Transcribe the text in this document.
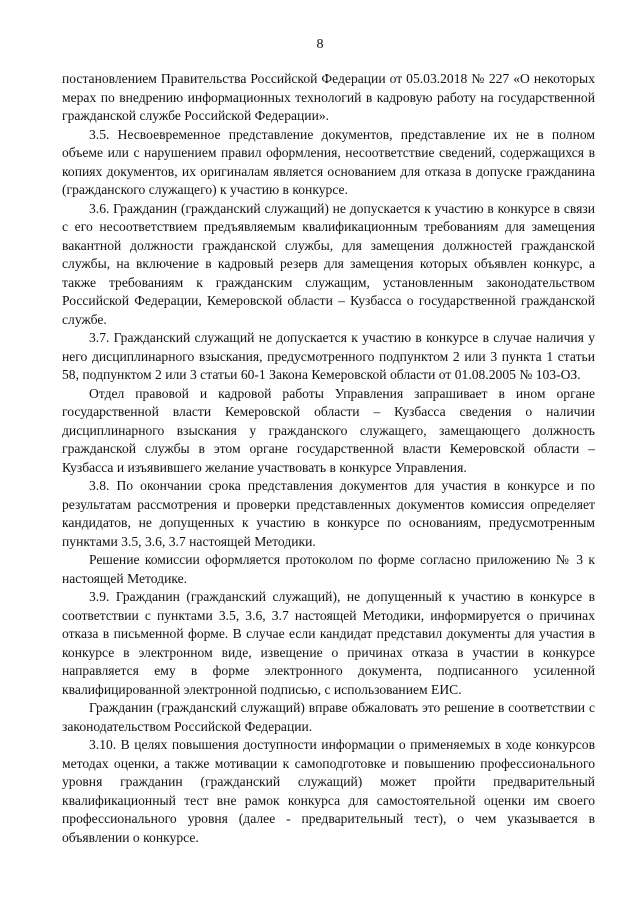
8

постановлением Правительства Российской Федерации от 05.03.2018 № 227 «О некоторых мерах по внедрению информационных технологий в кадровую работу на государственной гражданской службе Российской Федерации».

3.5. Несвоевременное представление документов, представление их не в полном объеме или с нарушением правил оформления, несоответствие сведений, содержащихся в копиях документов, их оригиналам является основанием для отказа в допуске гражданина (гражданского служащего) к участию в конкурсе.

3.6. Гражданин (гражданский служащий) не допускается к участию в конкурсе в связи с его несоответствием предъявляемым квалификационным требованиям для замещения вакантной должности гражданской службы, для замещения должностей гражданской службы, на включение в кадровый резерв для замещения которых объявлен конкурс, а также требованиям к гражданским служащим, установленным законодательством Российской Федерации, Кемеровской области – Кузбасса о государственной гражданской службе.

3.7. Гражданский служащий не допускается к участию в конкурсе в случае наличия у него дисциплинарного взыскания, предусмотренного подпунктом 2 или 3 пункта 1 статьи 58, подпунктом 2 или 3 статьи 60-1 Закона Кемеровской области от 01.08.2005 № 103-ОЗ.

Отдел правовой и кадровой работы Управления запрашивает в ином органе государственной власти Кемеровской области – Кузбасса сведения о наличии дисциплинарного взыскания у гражданского служащего, замещающего должность гражданской службы в этом органе государственной власти Кемеровской области – Кузбасса и изъявившего желание участвовать в конкурсе Управления.

3.8. По окончании срока представления документов для участия в конкурсе и по результатам рассмотрения и проверки представленных документов комиссия определяет кандидатов, не допущенных к участию в конкурсе по основаниям, предусмотренным пунктами 3.5, 3.6, 3.7 настоящей Методики.

Решение комиссии оформляется протоколом по форме согласно приложению № 3 к настоящей Методике.

3.9. Гражданин (гражданский служащий), не допущенный к участию в конкурсе в соответствии с пунктами 3.5, 3.6, 3.7 настоящей Методики, информируется о причинах отказа в письменной форме. В случае если кандидат представил документы для участия в конкурсе в электронном виде, извещение о причинах отказа в участии в конкурсе направляется ему в форме электронного документа, подписанного усиленной квалифицированной электронной подписью, с использованием ЕИС.

Гражданин (гражданский служащий) вправе обжаловать это решение в соответствии с законодательством Российской Федерации.

3.10. В целях повышения доступности информации о применяемых в ходе конкурсов методах оценки, а также мотивации к самоподготовке и повышению профессионального уровня гражданин (гражданский служащий) может пройти предварительный квалификационный тест вне рамок конкурса для самостоятельной оценки им своего профессионального уровня (далее - предварительный тест), о чем указывается в объявлении о конкурсе.
